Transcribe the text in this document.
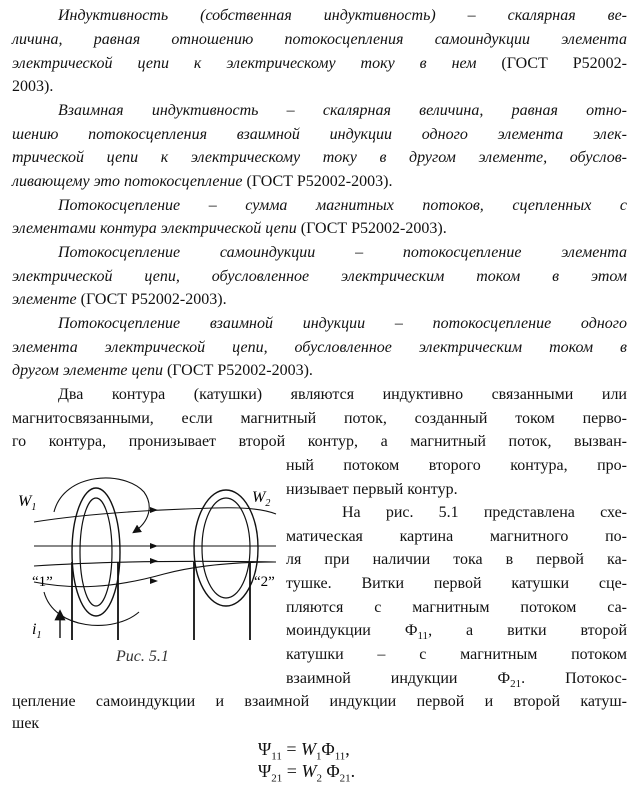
Индуктивность (собственная индуктивность) – скалярная ве-
личина, равная отношению потокосцепления самоиндукции элемента
электрической цепи к электрическому току в нем (ГОСТ Р52002-
2003).
Взаимная индуктивность – скалярная величина, равная отно-
шению потокосцепления взаимной индукции одного элемента элек-
трической цепи к электрическому току в другом элементе, обуслов-
ливающему это потокосцепление (ГОСТ Р52002-2003).
Потокосцепление – сумма магнитных потоков, сцепленных с
элементами контура электрической цепи (ГОСТ Р52002-2003).
Потокосцепление самоиндукции – потокосцепление элемента
электрической цепи, обусловленное электрическим током в этом
элементе (ГОСТ Р52002-2003).
Потокосцепление взаимной индукции – потокосцепление одного
элемента электрической цепи, обусловленное электрическим током в
другом элементе цепи (ГОСТ Р52002-2003).
Два контура (катушки) являются индуктивно связанными или
магнитосвязанными, если магнитный поток, созданный током перво-
го контура, пронизывает второй контур, а магнитный поток, вызван-
ный потоком второго контура, про-
низывает первый контур.
На рис. 5.1 представлена схе-
матическая картина магнитного по-
ля при наличии тока в первой ка-
тушке. Витки первой катушки сце-
пляются с магнитным потоком са-
моиндукции $Ф_{11}$, а витки второй
катушки – с магнитным потоком
взаимной индукции $Ф_{21}$. Потокос-
цепление самоиндукции и взаимной индукции первой и второй катуш-
шек
$W_1$
$W_2$
“1”	“2”
$i_1$
Рис. 5.1
$\Psi_{11} = W_1\Phi_{11}$,
$\Psi_{21} = W_2$ $\Phi_{21}$.
